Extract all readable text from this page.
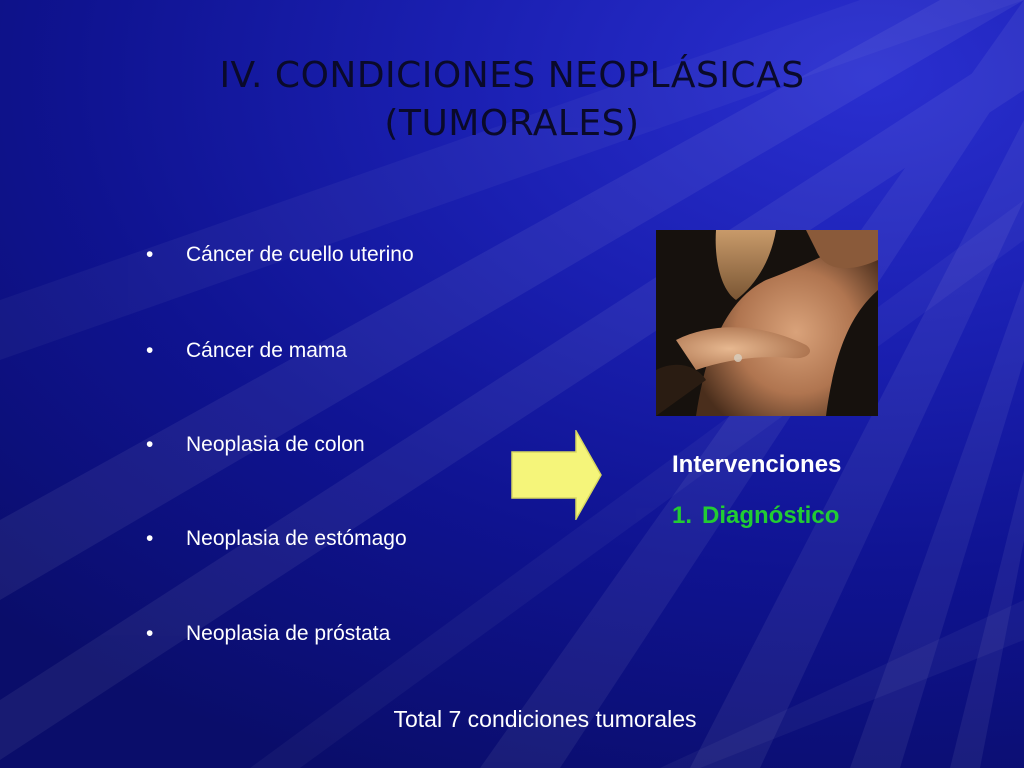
IV. CONDICIONES NEOPLÁSICAS
(TUMORALES)
• Cáncer de cuello uterino
• Cáncer de mama
• Neoplasia de colon
• Neoplasia de estómago
• Neoplasia de próstata
Intervenciones
1. Diagnóstico
Total 7 condiciones tumorales
